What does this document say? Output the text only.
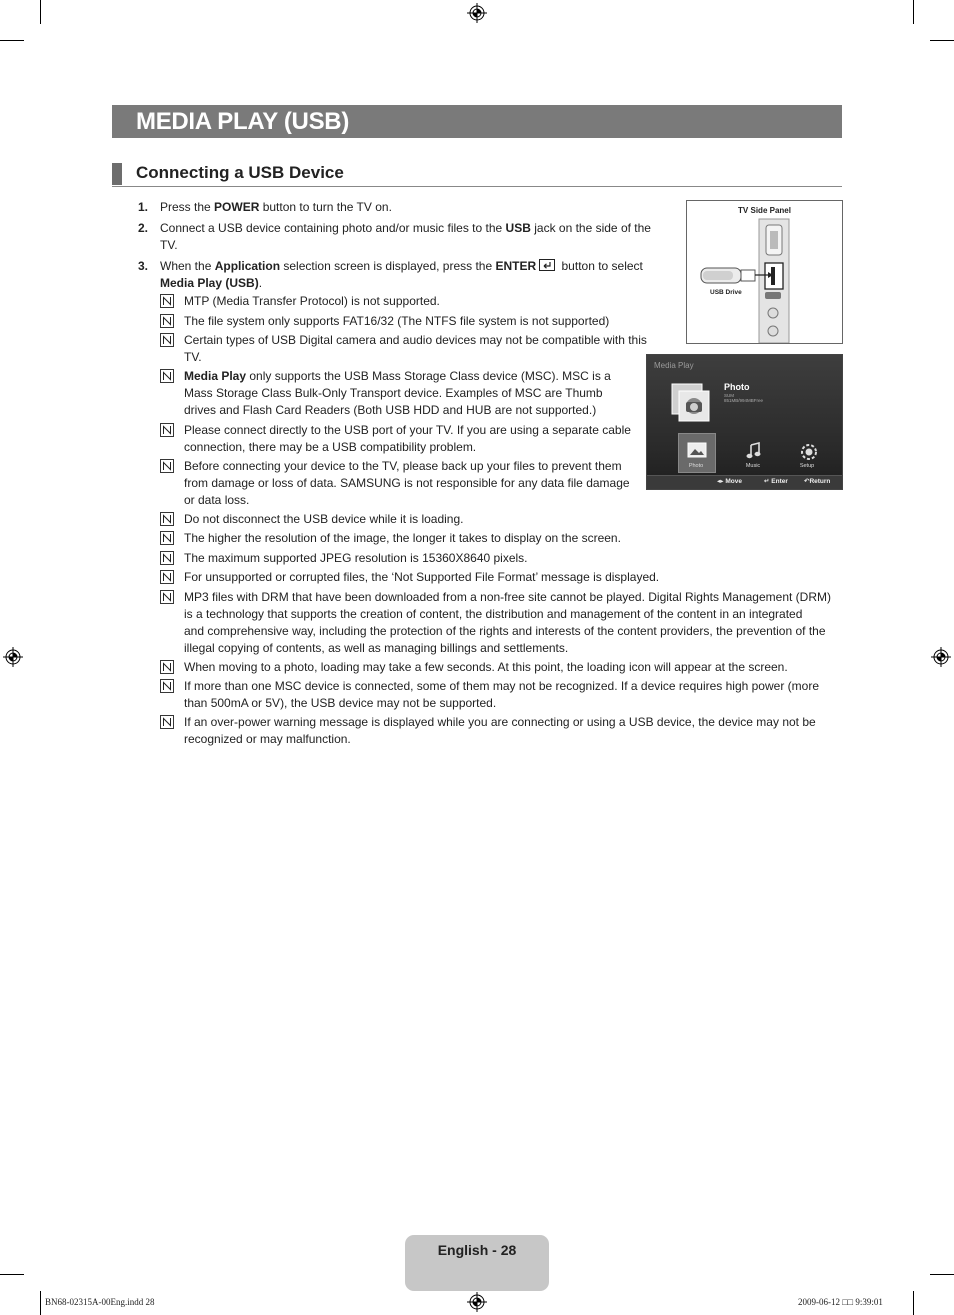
MEDIA PLAY (USB)
Connecting a USB Device
1. Press the POWER button to turn the TV on.
2. Connect a USB device containing photo and/or music files to the USB jack on the side of the
TV.
3. When the Application selection screen is displayed, press the ENTER button to select
Media Play (USB).
MTP (Media Transfer Protocol) is not supported.
The file system only supports FAT16/32 (The NTFS file system is not supported)
Certain types of USB Digital camera and audio devices may not be compatible with this
TV.
Media Play only supports the USB Mass Storage Class device (MSC). MSC is a
Mass Storage Class Bulk-Only Transport device. Examples of MSC are Thumb
drives and Flash Card Readers (Both USB HDD and HUB are not supported.)
Please connect directly to the USB port of your TV. If you are using a separate cable
connection, there may be a USB compatibility problem.
Before connecting your device to the TV, please back up your files to prevent them
from damage or loss of data. SAMSUNG is not responsible for any data file damage
or data loss.
Do not disconnect the USB device while it is loading.
The higher the resolution of the image, the longer it takes to display on the screen.
The maximum supported JPEG resolution is 15360X8640 pixels.
For unsupported or corrupted files, the ‘Not Supported File Format’ message is displayed.
MP3 files with DRM that have been downloaded from a non-free site cannot be played. Digital Rights Management (DRM)
is a technology that supports the creation of content, the distribution and management of the content in an integrated
and comprehensive way, including the protection of the rights and interests of the content providers, the prevention of the
illegal copying of contents, as well as managing billings and settlements.
When moving to a photo, loading may take a few seconds. At this point, the loading icon will appear at the screen.
If more than one MSC device is connected, some of them may not be recognized. If a device requires high power (more
than 500mA or 5V), the USB device may not be supported.
If an over-power warning message is displayed while you are connecting or using a USB device, the device may not be
recognized or may malfunction.
TV Side Panel
USB Drive
Media Play
Photo
SUM
851MB/994MBFree
Photo	Music	Setup
◂▸ Move	↵ Enter ↶Return
English - 28
BN68-02315A-00Eng.indd 28	2009-06-12 □□ 9:39:01
